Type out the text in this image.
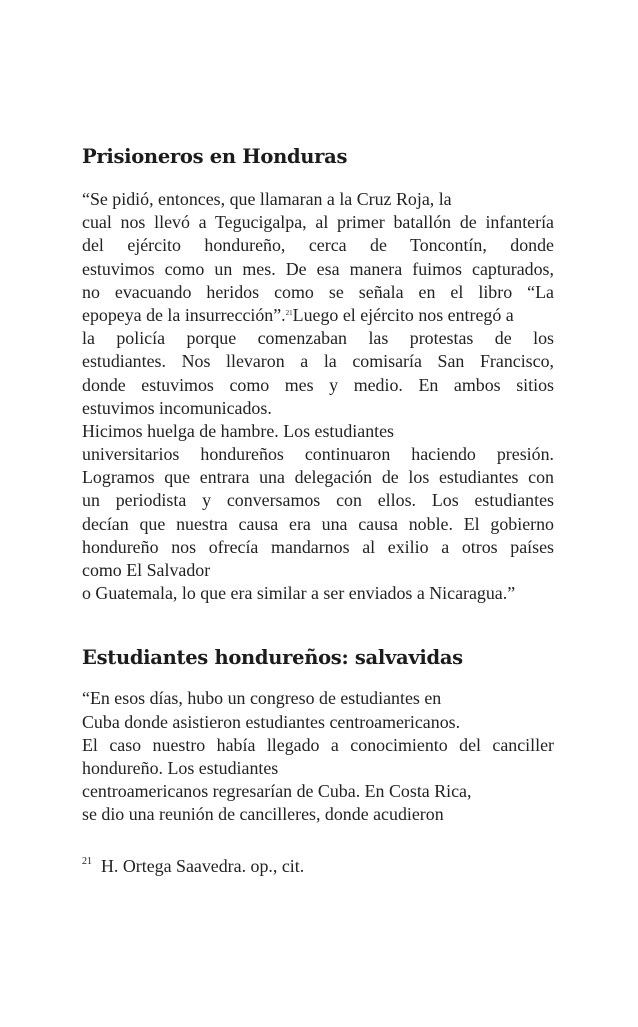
Prisioneros en Honduras

“Se pidió, entonces, que llamaran a la Cruz Roja, la
cual nos llevó a Tegucigalpa, al primer batallón de infantería
del ejército hondureño, cerca de Toncontín, donde
estuvimos como un mes. De esa manera fuimos capturados,
no evacuando heridos como se señala en el libro “La
epopeya de la insurrección”.$^{21}$Luego el ejército nos entregó a
la policía porque comenzaban las protestas de los
estudiantes. Nos llevaron a la comisaría San Francisco,
donde estuvimos como mes y medio. En ambos sitios
estuvimos incomunicados.
Hicimos huelga de hambre. Los estudiantes
universitarios hondureños continuaron haciendo presión.
Logramos que entrara una delegación de los estudiantes con
un periodista y conversamos con ellos. Los estudiantes
decían que nuestra causa era una causa noble. El gobierno
hondureño nos ofrecía mandarnos al exilio a otros países
como El Salvador
o Guatemala, lo que era similar a ser enviados a Nicaragua.”

Estudiantes hondureños: salvavidas

“En esos días, hubo un congreso de estudiantes en
Cuba donde asistieron estudiantes centroamericanos.
El caso nuestro había llegado a conocimiento del canciller
hondureño. Los estudiantes
centroamericanos regresarían de Cuba. En Costa Rica,
se dio una reunión de cancilleres, donde acudieron

$^{21}$ H. Ortega Saavedra. op., cit.
